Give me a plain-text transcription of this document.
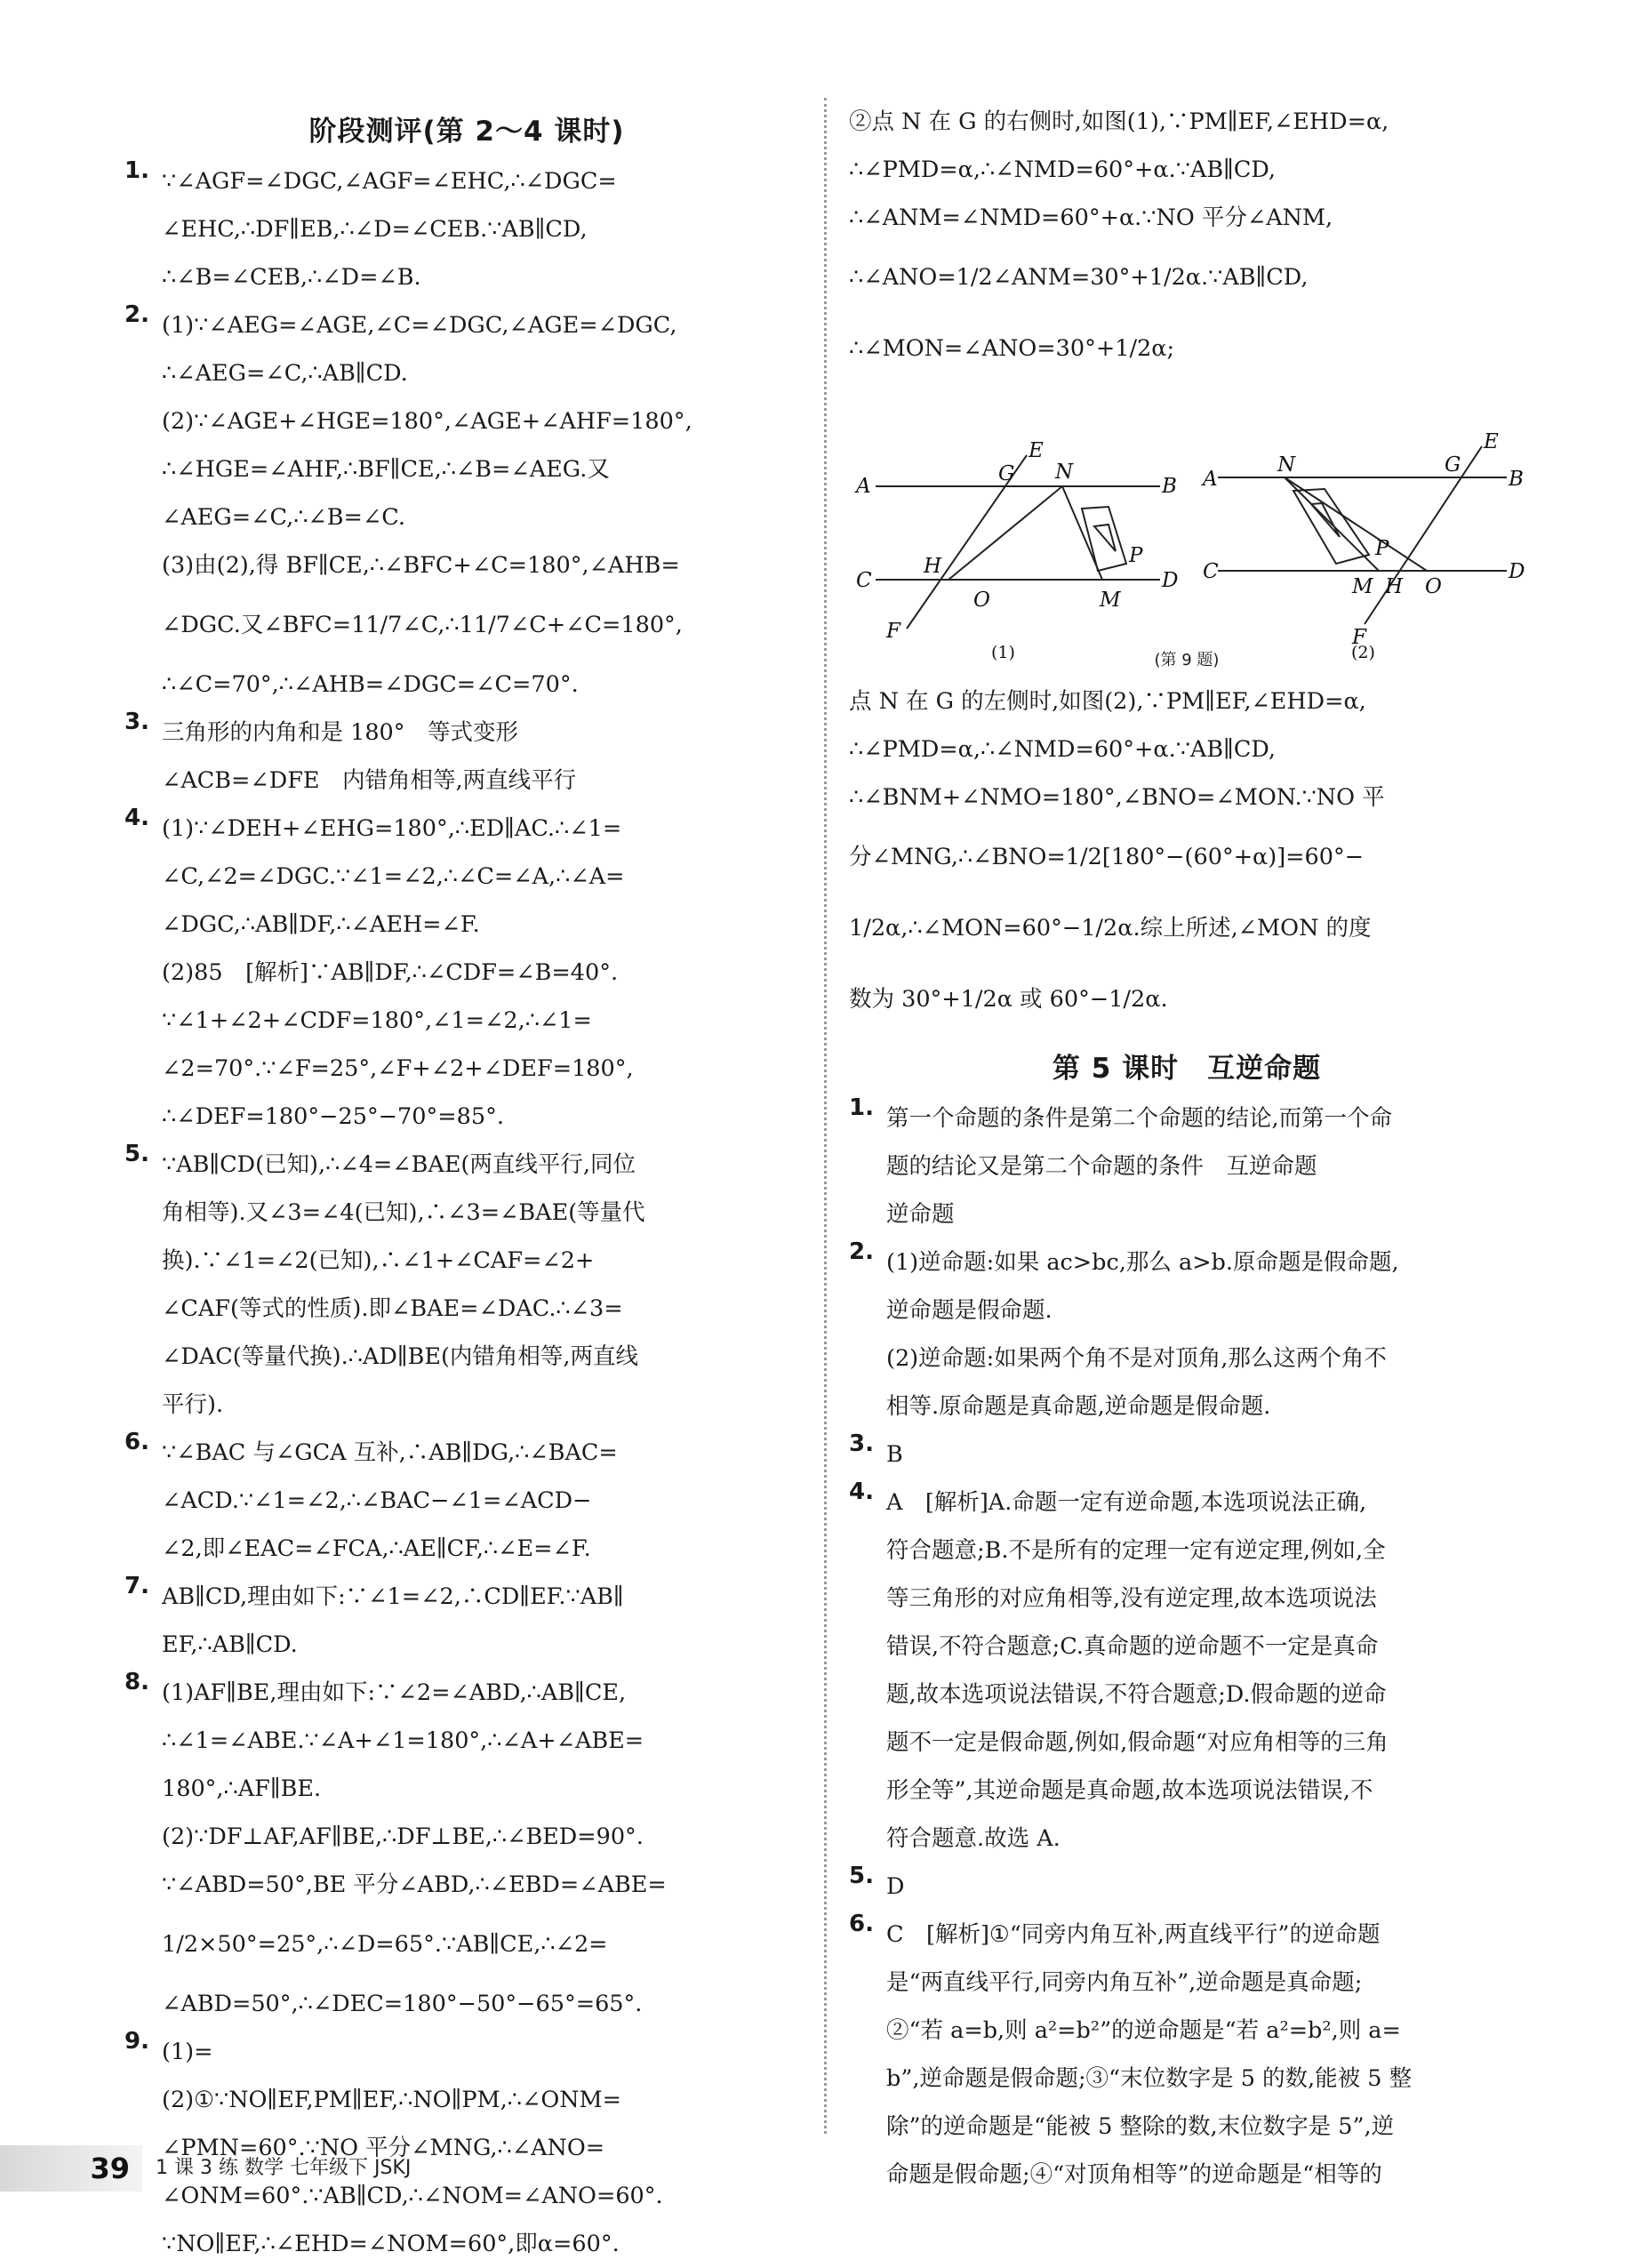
阶段测评(第 2～4 课时)
1. ∵∠AGF=∠DGC,∠AGF=∠EHC,∴∠DGC=
∠EHC,∴DF∥EB,∴∠D=∠CEB.∵AB∥CD,
∴∠B=∠CEB,∴∠D=∠B.
2. (1)∵∠AEG=∠AGE,∠C=∠DGC,∠AGE=∠DGC,
∴∠AEG=∠C,∴AB∥CD.
(2)∵∠AGE+∠HGE=180°,∠AGE+∠AHF=180°,
∴∠HGE=∠AHF,∴BF∥CE,∴∠B=∠AEG.又
∠AEG=∠C,∴∠B=∠C.
(3)由(2),得 BF∥CE,∴∠BFC+∠C=180°,∠AHB=
∠DGC.又∠BFC=11/7∠C,∴11/7∠C+∠C=180°,
∴∠C=70°,∴∠AHB=∠DGC=∠C=70°.
3. 三角形的内角和是 180°　等式变形
∠ACB=∠DFE　内错角相等,两直线平行
4. (1)∵∠DEH+∠EHG=180°,∴ED∥AC.∴∠1=
∠C,∠2=∠DGC.∵∠1=∠2,∴∠C=∠A,∴∠A=
∠DGC,∴AB∥DF,∴∠AEH=∠F.
(2)85　[解析]∵AB∥DF,∴∠CDF=∠B=40°.
∵∠1+∠2+∠CDF=180°,∠1=∠2,∴∠1=
∠2=70°.∵∠F=25°,∠F+∠2+∠DEF=180°,
∴∠DEF=180°−25°−70°=85°.
5. ∵AB∥CD(已知),∴∠4=∠BAE(两直线平行,同位
角相等).又∠3=∠4(已知),∴∠3=∠BAE(等量代
换).∵∠1=∠2(已知),∴∠1+∠CAF=∠2+
∠CAF(等式的性质).即∠BAE=∠DAC.∴∠3=
∠DAC(等量代换).∴AD∥BE(内错角相等,两直线
平行).
6. ∵∠BAC 与∠GCA 互补,∴AB∥DG,∴∠BAC=
∠ACD.∵∠1=∠2,∴∠BAC−∠1=∠ACD−
∠2,即∠EAC=∠FCA,∴AE∥CF,∴∠E=∠F.
7. AB∥CD,理由如下:∵∠1=∠2,∴CD∥EF.∵AB∥
EF,∴AB∥CD.
8. (1)AF∥BE,理由如下:∵∠2=∠ABD,∴AB∥CE,
∴∠1=∠ABE.∵∠A+∠1=180°,∴∠A+∠ABE=
180°,∴AF∥BE.
(2)∵DF⊥AF,AF∥BE,∴DF⊥BE,∴∠BED=90°.
∵∠ABD=50°,BE 平分∠ABD,∴∠EBD=∠ABE=
1/2×50°=25°,∴∠D=65°.∵AB∥CE,∴∠2=
∠ABD=50°,∴∠DEC=180°−50°−65°=65°.
9. (1)=
(2)①∵NO∥EF,PM∥EF,∴NO∥PM,∴∠ONM=
∠PMN=60°.∵NO 平分∠MNG,∴∠ANO=
∠ONM=60°.∵AB∥CD,∴∠NOM=∠ANO=60°.
∵NO∥EF,∴∠EHD=∠NOM=60°,即α=60°.
②点 N 在 G 的右侧时,如图(1),∵PM∥EF,∠EHD=α,
∴∠PMD=α,∴∠NMD=60°+α.∵AB∥CD,
∴∠ANM=∠NMD=60°+α.∵NO 平分∠ANM,
∴∠ANO=1/2∠ANM=30°+1/2α.∵AB∥CD,
∴∠MON=∠ANO=30°+1/2α;
A	B
C	D
E
F
G
H
N
O	M
P
(1)
A	B
C	D
E
F
G
H
N
O
M
P
(2)
(第 9 题)
点 N 在 G 的左侧时,如图(2),∵PM∥EF,∠EHD=α,
∴∠PMD=α,∴∠NMD=60°+α.∵AB∥CD,
∴∠BNM+∠NMO=180°,∠BNO=∠MON.∵NO 平
分∠MNG,∴∠BNO=1/2[180°−(60°+α)]=60°−
1/2α,∴∠MON=60°−1/2α.综上所述,∠MON 的度
数为 30°+1/2α 或 60°−1/2α.
第 5 课时　互逆命题
1. 第一个命题的条件是第二个命题的结论,而第一个命
题的结论又是第二个命题的条件　互逆命题
逆命题
2. (1)逆命题:如果 ac>bc,那么 a>b.原命题是假命题,
逆命题是假命题.
(2)逆命题:如果两个角不是对顶角,那么这两个角不
相等.原命题是真命题,逆命题是假命题.
3. B
4. A　[解析]A.命题一定有逆命题,本选项说法正确,
符合题意;B.不是所有的定理一定有逆定理,例如,全
等三角形的对应角相等,没有逆定理,故本选项说法
错误,不符合题意;C.真命题的逆命题不一定是真命
题,故本选项说法错误,不符合题意;D.假命题的逆命
题不一定是假命题,例如,假命题“对应角相等的三角
形全等”,其逆命题是真命题,故本选项说法错误,不
符合题意.故选 A.
5. D
6. C　[解析]①“同旁内角互补,两直线平行”的逆命题
是“两直线平行,同旁内角互补”,逆命题是真命题;
②“若 a=b,则 a²=b²”的逆命题是“若 a²=b²,则 a=
b”,逆命题是假命题;③“末位数字是 5 的数,能被 5 整
除”的逆命题是“能被 5 整除的数,末位数字是 5”,逆
命题是假命题;④“对顶角相等”的逆命题是“相等的
39	1 课 3 练 数学 七年级下 JSKJ
